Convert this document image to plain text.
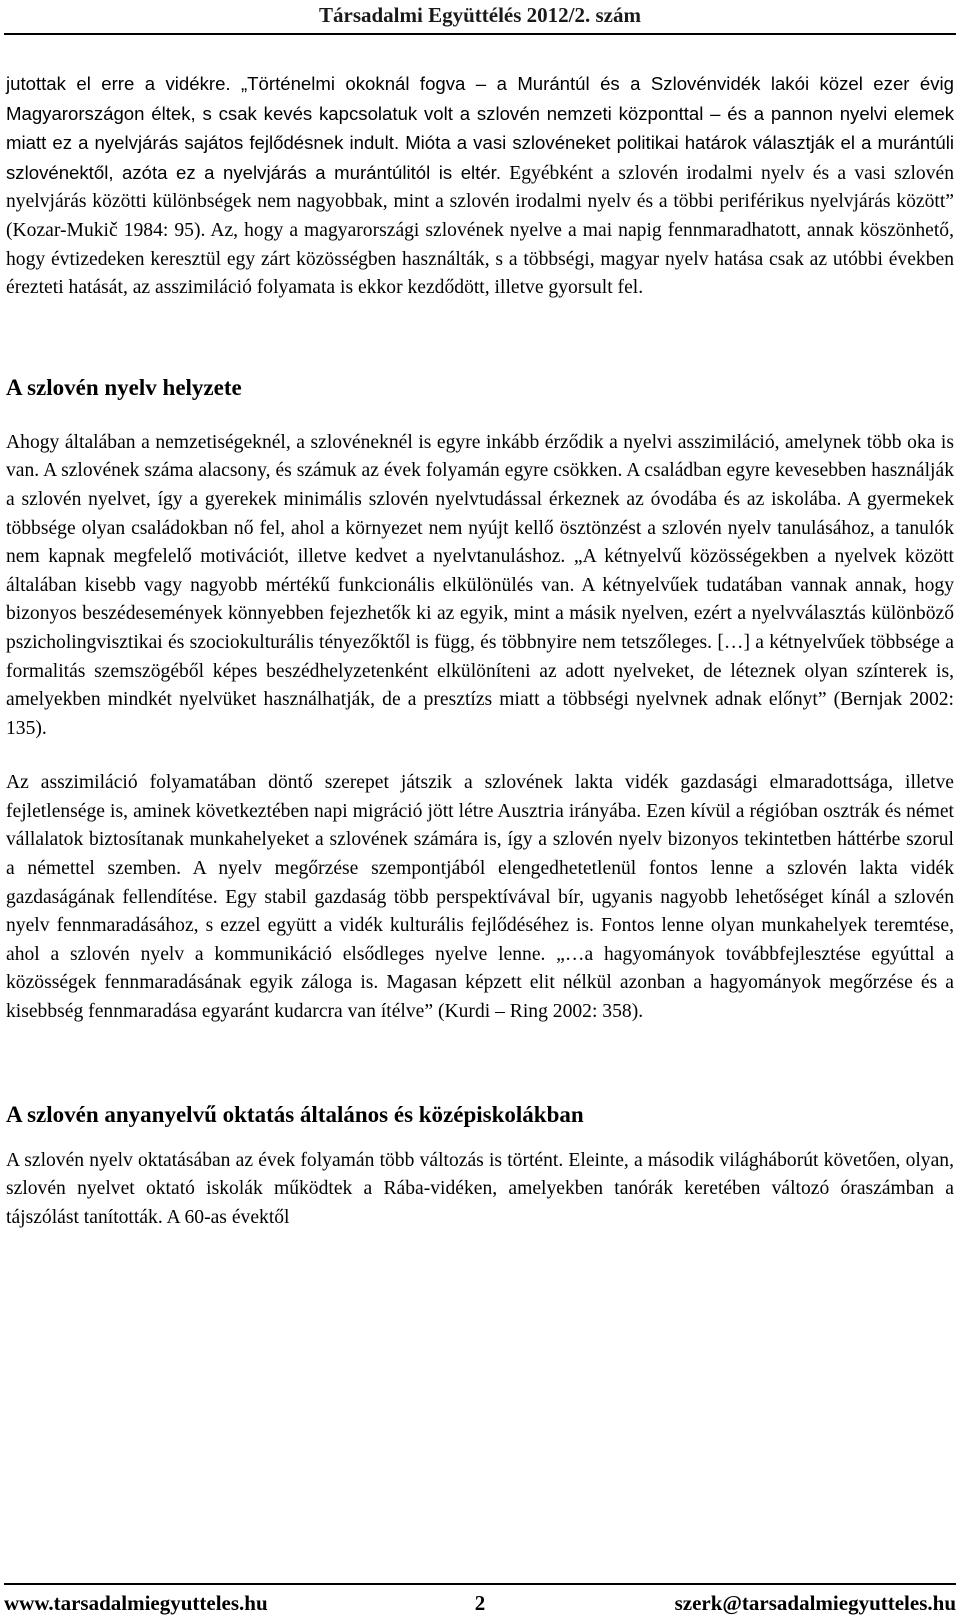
Társadalmi Együttélés 2012/2. szám

jutottak el erre a vidékre. „Történelmi okoknál fogva – a Murántúl és a Szlovénvidék lakói közel ezer évig Magyarországon éltek, s csak kevés kapcsolatuk volt a szlovén nemzeti központtal – és a pannon nyelvi elemek miatt ez a nyelvjárás sajátos fejlődésnek indult. Mióta a vasi szlovéneket politikai határok választják el a murántúli szlovénektől, azóta ez a nyelvjárás a murántúlitól is eltér. Egyébként a szlovén irodalmi nyelv és a vasi szlovén nyelvjárás közötti különbségek nem nagyobbak, mint a szlovén irodalmi nyelv és a többi periférikus nyelvjárás között” (Kozar-Mukič 1984: 95). Az, hogy a magyarországi szlovének nyelve a mai napig fennmaradhatott, annak köszönhető, hogy évtizedeken keresztül egy zárt közösségben használták, s a többségi, magyar nyelv hatása csak az utóbbi években érezteti hatását, az asszimiláció folyamata is ekkor kezdődött, illetve gyorsult fel.

A szlovén nyelv helyzete

Ahogy általában a nemzetiségeknél, a szlovéneknél is egyre inkább érződik a nyelvi asszimiláció, amelynek több oka is van. A szlovének száma alacsony, és számuk az évek folyamán egyre csökken. A családban egyre kevesebben használják a szlovén nyelvet, így a gyerekek minimális szlovén nyelvtudással érkeznek az óvodába és az iskolába. A gyermekek többsége olyan családokban nő fel, ahol a környezet nem nyújt kellő ösztönzést a szlovén nyelv tanulásához, a tanulók nem kapnak megfelelő motivációt, illetve kedvet a nyelvtanuláshoz. „A kétnyelvű közösségekben a nyelvek között általában kisebb vagy nagyobb mértékű funkcionális elkülönülés van. A kétnyelvűek tudatában vannak annak, hogy bizonyos beszédesemények könnyebben fejezhetők ki az egyik, mint a másik nyelven, ezért a nyelvválasztás különböző pszicholingvisztikai és szociokulturális tényezőktől is függ, és többnyire nem tetszőleges. […] a kétnyelvűek többsége a formalitás szemszögéből képes beszédhelyzetenként elkülöníteni az adott nyelveket, de léteznek olyan színterek is, amelyekben mindkét nyelvüket használhatják, de a presztízs miatt a többségi nyelvnek adnak előnyt” (Bernjak 2002: 135).

Az asszimiláció folyamatában döntő szerepet játszik a szlovének lakta vidék gazdasági elmaradottsága, illetve fejletlensége is, aminek következtében napi migráció jött létre Ausztria irányába. Ezen kívül a régióban osztrák és német vállalatok biztosítanak munkahelyeket a szlovének számára is, így a szlovén nyelv bizonyos tekintetben háttérbe szorul a némettel szemben. A nyelv megőrzése szempontjából elengedhetetlenül fontos lenne a szlovén lakta vidék gazdaságának fellendítése. Egy stabil gazdaság több perspektívával bír, ugyanis nagyobb lehetőséget kínál a szlovén nyelv fennmaradásához, s ezzel együtt a vidék kulturális fejlődéséhez is. Fontos lenne olyan munkahelyek teremtése, ahol a szlovén nyelv a kommunikáció elsődleges nyelve lenne. „…a hagyományok továbbfejlesztése egyúttal a közösségek fennmaradásának egyik záloga is. Magasan képzett elit nélkül azonban a hagyományok megőrzése és a kisebbség fennmaradása egyaránt kudarcra van ítélve” (Kurdi – Ring 2002: 358).

A szlovén anyanyelvű oktatás általános és középiskolákban

A szlovén nyelv oktatásában az évek folyamán több változás is történt. Eleinte, a második világháborút követően, olyan, szlovén nyelvet oktató iskolák működtek a Rába-vidéken, amelyekben tanórák keretében változó óraszámban a tájszólást tanították. A 60-as évektől

www.tarsadalmiegyutteles.hu	2	szerk@tarsadalmiegyutteles.hu
